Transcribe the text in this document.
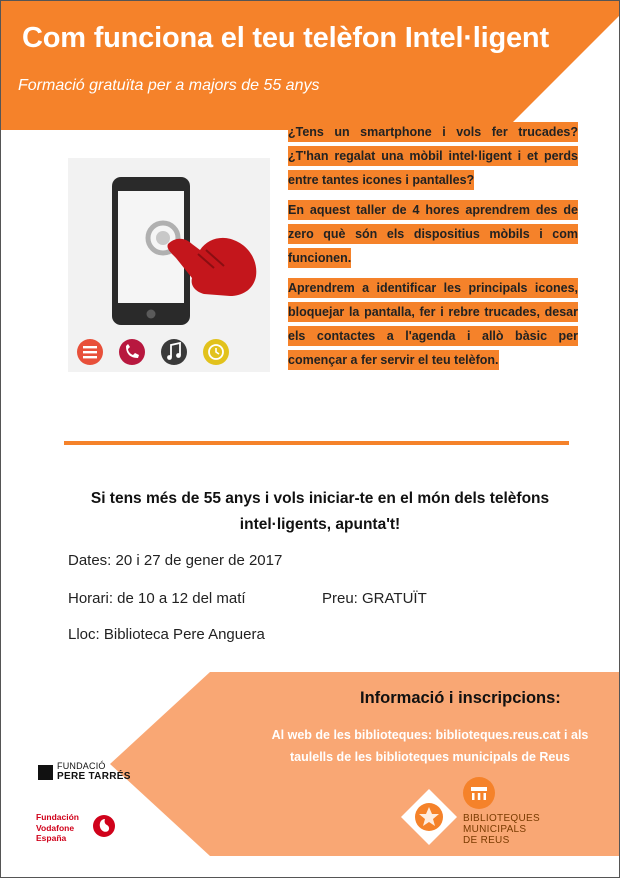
Com funciona el teu telèfon Intel·ligent
Formació gratuïta per a majors de 55 anys

¿Tens un smartphone i vols fer trucades? ¿T'han regalat una mòbil intel·ligent i et perds entre tantes icones i pantalles?

En aquest taller de 4 hores aprendrem des de zero què són els dispositius mòbils i com funcionen.

Aprendrem a identificar les principals icones, bloquejar la pantalla, fer i rebre trucades, desar els contactes a l'agenda i allò bàsic per començar a fer servir el teu telèfon.

Si tens més de 55 anys i vols iniciar-te en el món dels telèfons
intel·ligents, apunta't!
Dates: 20 i 27 de gener de 2017
Horari: de 10 a 12 del matí	Preu: GRATUÏT
Lloc: Biblioteca Pere Anguera
Informació i inscripcions:
Al web de les biblioteques: biblioteques.reus.cat i als taulells de les biblioteques municipals de Reus
FUNDACIÓ
PERE TARRÉS
Fundación
Vodafone
España
BIBLIOTEQUES
MUNICIPALS
DE REUS
